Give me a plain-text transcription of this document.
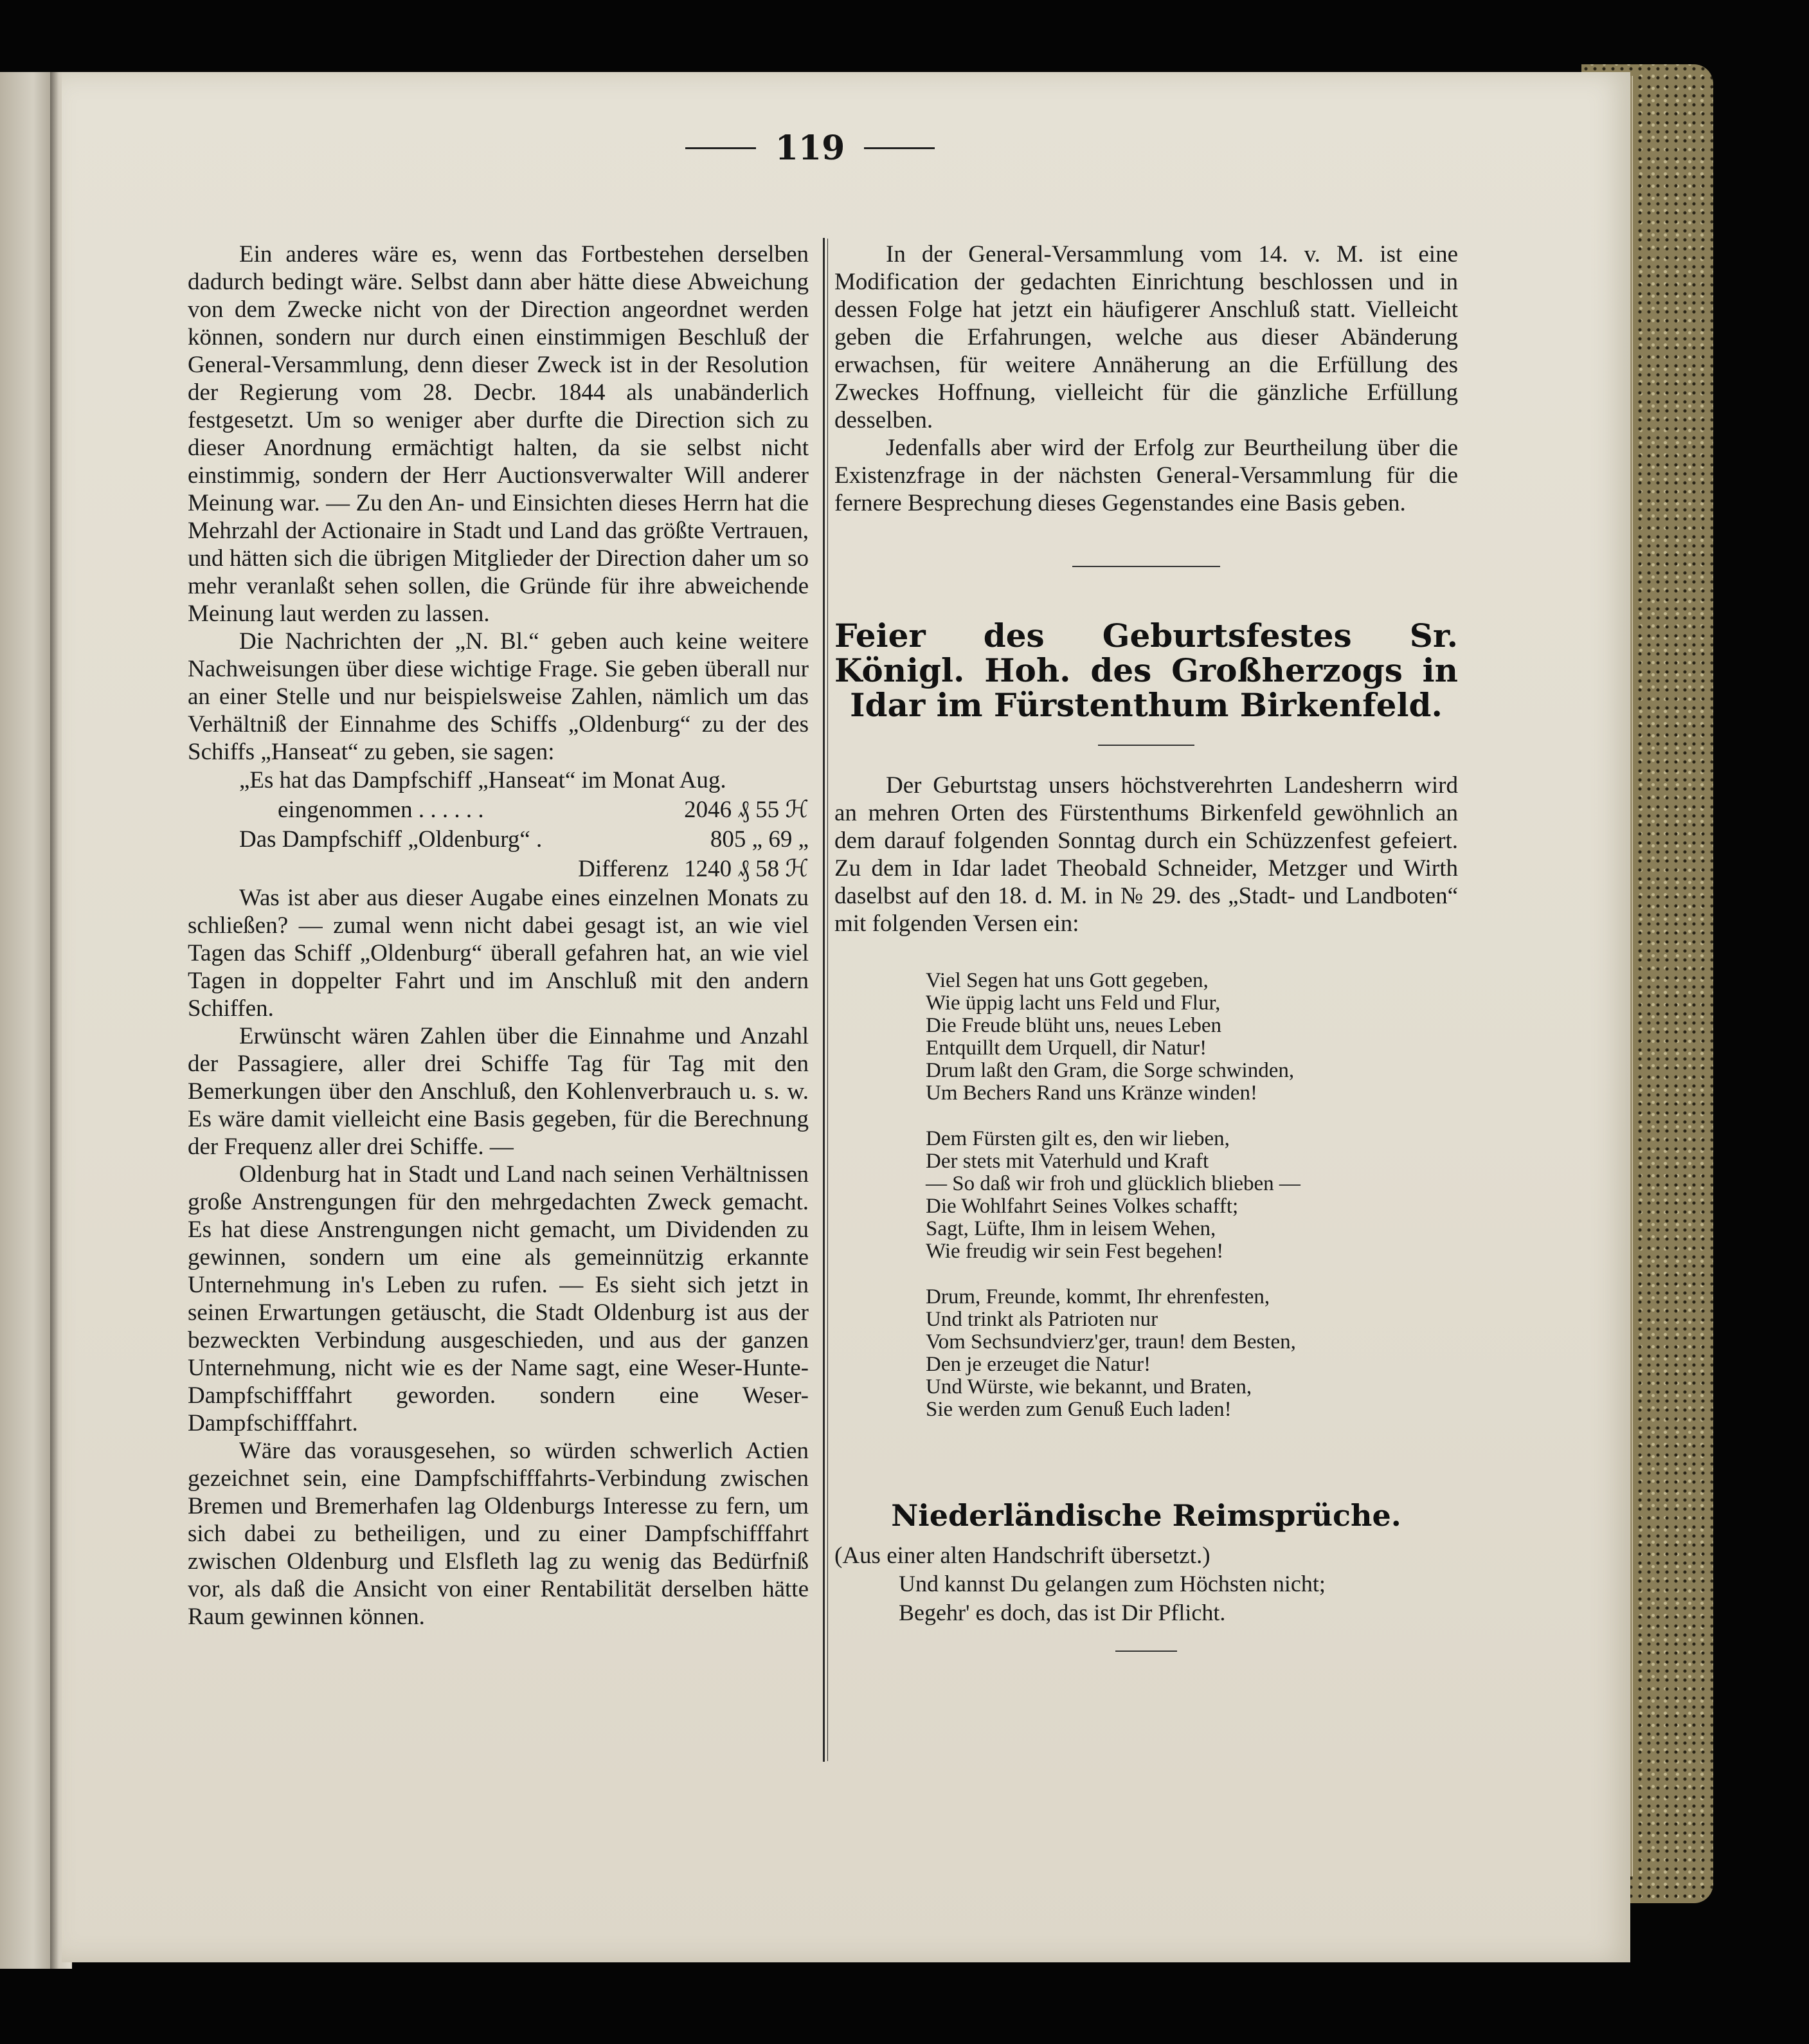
119

Ein anderes wäre es, wenn das Fortbestehen derselben dadurch bedingt wäre. Selbst dann aber hätte diese Abweichung von dem Zwecke nicht von der Direction angeordnet werden können, sondern nur durch einen einstimmigen Beschluß der General-Versammlung, denn dieser Zweck ist in der Resolution der Regierung vom 28. Decbr. 1844 als unabänderlich festgesetzt. Um so weniger aber durfte die Direction sich zu dieser Anordnung ermächtigt halten, da sie selbst nicht einstimmig, sondern der Herr Auctionsverwalter Will anderer Meinung war. — Zu den An- und Einsichten dieses Herrn hat die Mehrzahl der Actionaire in Stadt und Land das größte Vertrauen, und hätten sich die übrigen Mitglieder der Direction daher um so mehr veranlaßt sehen sollen, die Gründe für ihre abweichende Meinung laut werden zu lassen.

Die Nachrichten der „N. Bl.“ geben auch keine weitere Nachweisungen über diese wichtige Frage. Sie geben überall nur an einer Stelle und nur beispielsweise Zahlen, nämlich um das Verhältniß der Einnahme des Schiffs „Oldenburg“ zu der des Schiffs „Hanseat“ zu geben, sie sagen:

„Es hat das Dampfschiff „Hanseat“ im Monat Aug.
eingenommen . . . . . .	2046 ₰ 55 ℋ
Das Dampfschiff „Oldenburg“ .	805 „ 69 „
Differenz 1240 ₰ 58 ℋ

Was ist aber aus dieser Augabe eines einzelnen Monats zu schließen? — zumal wenn nicht dabei gesagt ist, an wie viel Tagen das Schiff „Oldenburg“ überall gefahren hat, an wie viel Tagen in doppelter Fahrt und im Anschluß mit den andern Schiffen.

Erwünscht wären Zahlen über die Einnahme und Anzahl der Passagiere, aller drei Schiffe Tag für Tag mit den Bemerkungen über den Anschluß, den Kohlenverbrauch u. s. w. Es wäre damit vielleicht eine Basis gegeben, für die Berechnung der Frequenz aller drei Schiffe. —

Oldenburg hat in Stadt und Land nach seinen Verhältnissen große Anstrengungen für den mehrgedachten Zweck gemacht. Es hat diese Anstrengungen nicht gemacht, um Dividenden zu gewinnen, sondern um eine als gemeinnützig erkannte Unternehmung in's Leben zu rufen. — Es sieht sich jetzt in seinen Erwartungen getäuscht, die Stadt Oldenburg ist aus der bezweckten Verbindung ausgeschieden, und aus der ganzen Unternehmung, nicht wie es der Name sagt, eine Weser-Hunte-Dampfschifffahrt geworden. sondern eine Weser-Dampfschifffahrt.

Wäre das vorausgesehen, so würden schwerlich Actien gezeichnet sein, eine Dampfschifffahrts-Verbindung zwischen Bremen und Bremerhafen lag Oldenburgs Interesse zu fern, um sich dabei zu betheiligen, und zu einer Dampfschifffahrt zwischen Oldenburg und Elsfleth lag zu wenig das Bedürfniß vor, als daß die Ansicht von einer Rentabilität derselben hätte Raum gewinnen können.

In der General-Versammlung vom 14. v. M. ist eine Modification der gedachten Einrichtung beschlossen und in dessen Folge hat jetzt ein häufigerer Anschluß statt. Vielleicht geben die Erfahrungen, welche aus dieser Abänderung erwachsen, für weitere Annäherung an die Erfüllung des Zweckes Hoffnung, vielleicht für die gänzliche Erfüllung desselben.

Jedenfalls aber wird der Erfolg zur Beurtheilung über die Existenzfrage in der nächsten General-Versammlung für die fernere Besprechung dieses Gegenstandes eine Basis geben.

Feier des Geburtsfestes Sr. Königl. Hoh. des Großherzogs in Idar im Fürstenthum Birkenfeld.

Der Geburtstag unsers höchstverehrten Landesherrn wird an mehren Orten des Fürstenthums Birkenfeld gewöhnlich an dem darauf folgenden Sonntag durch ein Schüzzenfest gefeiert. Zu dem in Idar ladet Theobald Schneider, Metzger und Wirth daselbst auf den 18. d. M. in № 29. des „Stadt- und Landboten“ mit folgenden Versen ein:

Viel Segen hat uns Gott gegeben,
Wie üppig lacht uns Feld und Flur,
Die Freude blüht uns, neues Leben
Entquillt dem Urquell, dir Natur!
Drum laßt den Gram, die Sorge schwinden,
Um Bechers Rand uns Kränze winden!
Dem Fürsten gilt es, den wir lieben,
Der stets mit Vaterhuld und Kraft
— So daß wir froh und glücklich blieben —
Die Wohlfahrt Seines Volkes schafft;
Sagt, Lüfte, Ihm in leisem Wehen,
Wie freudig wir sein Fest begehen!
Drum, Freunde, kommt, Ihr ehrenfesten,
Und trinkt als Patrioten nur
Vom Sechsundvierz'ger, traun! dem Besten,
Den je erzeuget die Natur!
Und Würste, wie bekannt, und Braten,
Sie werden zum Genuß Euch laden!
Niederländische Reimsprüche.

(Aus einer alten Handschrift übersetzt.)

Und kannst Du gelangen zum Höchsten nicht;
Begehr' es doch, das ist Dir Pflicht.
